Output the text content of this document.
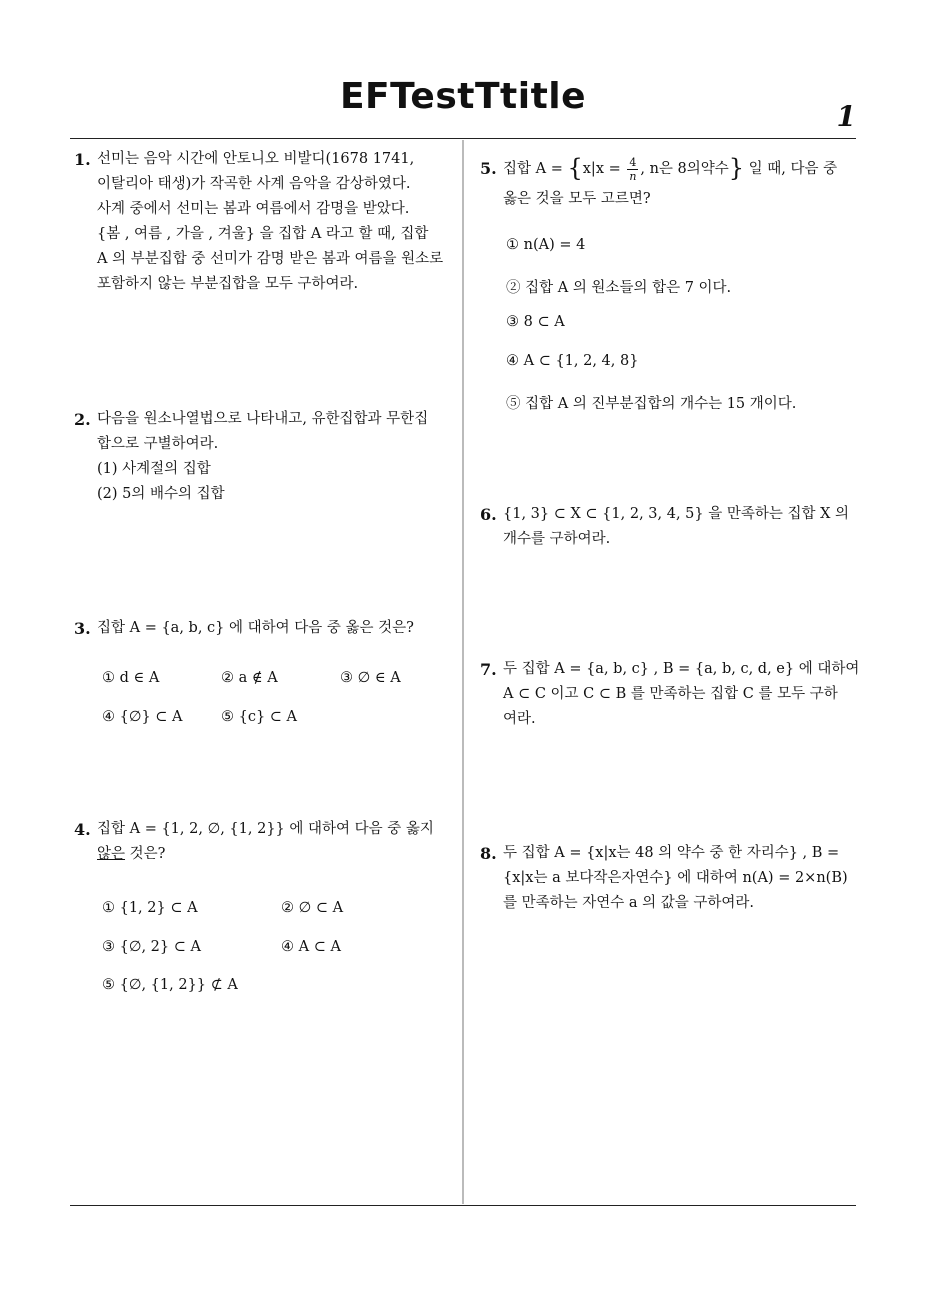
EFTestTtitle	1
1. 선미는 음악 시간에 안토니오 비발디(1678 1741,
이탈리아 태생)가 작곡한 사계 음악을 감상하였다.
사계 중에서 선미는 봄과 여름에서 감명을 받았다.
{봄 , 여름 , 가을 , 겨울} 을 집합 A 라고 할 때, 집합
A 의 부분집합 중 선미가 감명 받은 봄과 여름을 원소로
포함하지 않는 부분집합을 모두 구하여라.
2. 다음을 원소나열법으로 나타내고, 유한집합과 무한집
합으로 구별하여라.
(1) 사계절의 집합
(2) 5의 배수의 집합
3. 집합 A = {a, b, c} 에 대하여 다음 중 옳은 것은?
① d ∈ A	② a ∉ A	③ ∅ ∈ A
④ {∅} ⊂ A	⑤ {c} ⊂ A
4. 집합 A = {1, 2, ∅, {1, 2}} 에 대하여 다음 중 옳지
않은 것은?
① {1, 2} ⊂ A	② ∅ ⊂ A
③ {∅, 2} ⊂ A	④ A ⊂ A
⑤ {∅, {1, 2}} ⊄ A
5. 집합 $A = \{x|x = \frac{4}{n}$ , n은 8의약수} 일 때, 다음 중
옳은 것을 모두 고르면?
① n(A) = 4
② 집합 A 의 원소들의 합은 7 이다.
③ 8 ⊂ A
④ A ⊂ {1, 2, 4, 8}
⑤ 집합 A 의 진부분집합의 개수는 15 개이다.
6. {1, 3} ⊂ X ⊂ {1, 2, 3, 4, 5} 을 만족하는 집합 X 의
개수를 구하여라.
7. 두 집합 A = {a, b, c} , B = {a, b, c, d, e} 에 대하여
A ⊂ C 이고 C ⊂ B 를 만족하는 집합 C 를 모두 구하
여라.
8. 두 집합 A = {x|x는 48 의 약수 중 한 자리수} , B =
{x|x는 a 보다작은자연수} 에 대하여 n(A) = 2×n(B)
를 만족하는 자연수 a 의 값을 구하여라.
